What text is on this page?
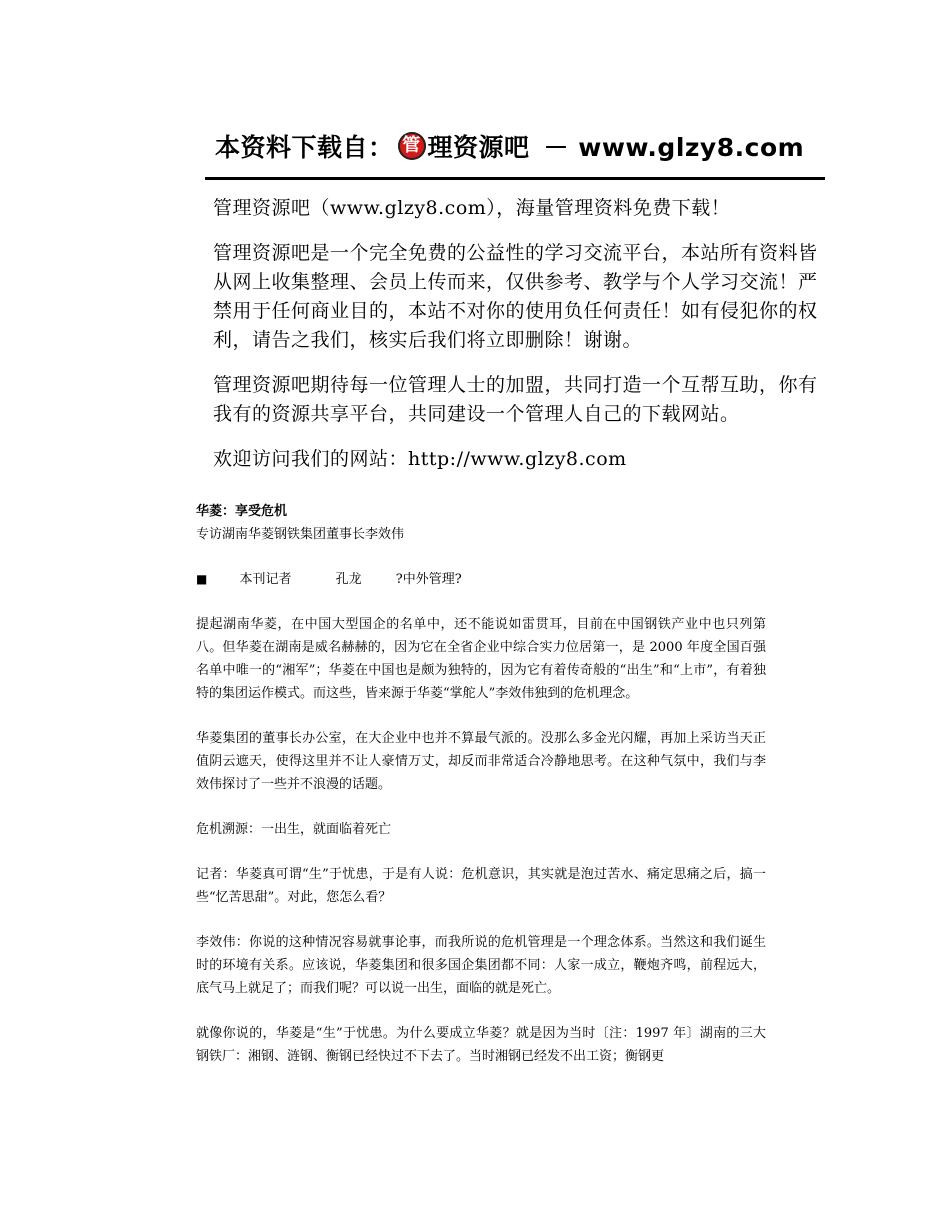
本资料下载自： 管 理资源吧 － www.glzy8.com

管理资源吧（www.glzy8.com），海量管理资料免费下载！

管理资源吧是一个完全免费的公益性的学习交流平台，本站所有资料皆从网上收集整理、会员上传而来，仅供参考、教学与个人学习交流！严禁用于任何商业目的，本站不对你的使用负任何责任！如有侵犯你的权利，请告之我们，核实后我们将立即删除！谢谢。

管理资源吧期待每一位管理人士的加盟，共同打造一个互帮互助，你有我有的资源共享平台，共同建设一个管理人自己的下载网站。

欢迎访问我们的网站：http://www.glzy8.com

华菱：享受危机

专访湖南华菱钢铁集团董事长李效伟

■ 本刊记者	孔龙	?中外管理?

提起湖南华菱，在中国大型国企的名单中，还不能说如雷贯耳，目前在中国钢铁产业中也只列第八。但华菱在湖南是威名赫赫的，因为它在全省企业中综合实力位居第一，是 2000 年度全国百强名单中唯一的“湘军”；华菱在中国也是颇为独特的，因为它有着传奇般的“出生”和“上市”，有着独特的集团运作模式。而这些，皆来源于华菱“掌舵人”李效伟独到的危机理念。

华菱集团的董事长办公室，在大企业中也并不算最气派的。没那么多金光闪耀，再加上采访当天正值阴云遮天，使得这里并不让人豪情万丈，却反而非常适合冷静地思考。在这种气氛中，我们与李效伟探讨了一些并不浪漫的话题。

危机溯源：一出生，就面临着死亡

记者：华菱真可谓“生”于忧患，于是有人说：危机意识，其实就是泡过苦水、痛定思痛之后，搞一些“忆苦思甜”。对此，您怎么看？

李效伟：你说的这种情况容易就事论事，而我所说的危机管理是一个理念体系。当然这和我们诞生时的环境有关系。应该说，华菱集团和很多国企集团都不同：人家一成立，鞭炮齐鸣，前程远大，底气马上就足了；而我们呢？可以说一出生，面临的就是死亡。

就像你说的，华菱是“生”于忧患。为什么要成立华菱？就是因为当时〔注：1997 年〕湖南的三大钢铁厂：湘钢、涟钢、衡钢已经快过不下去了。当时湘钢已经发不出工资；衡钢更
